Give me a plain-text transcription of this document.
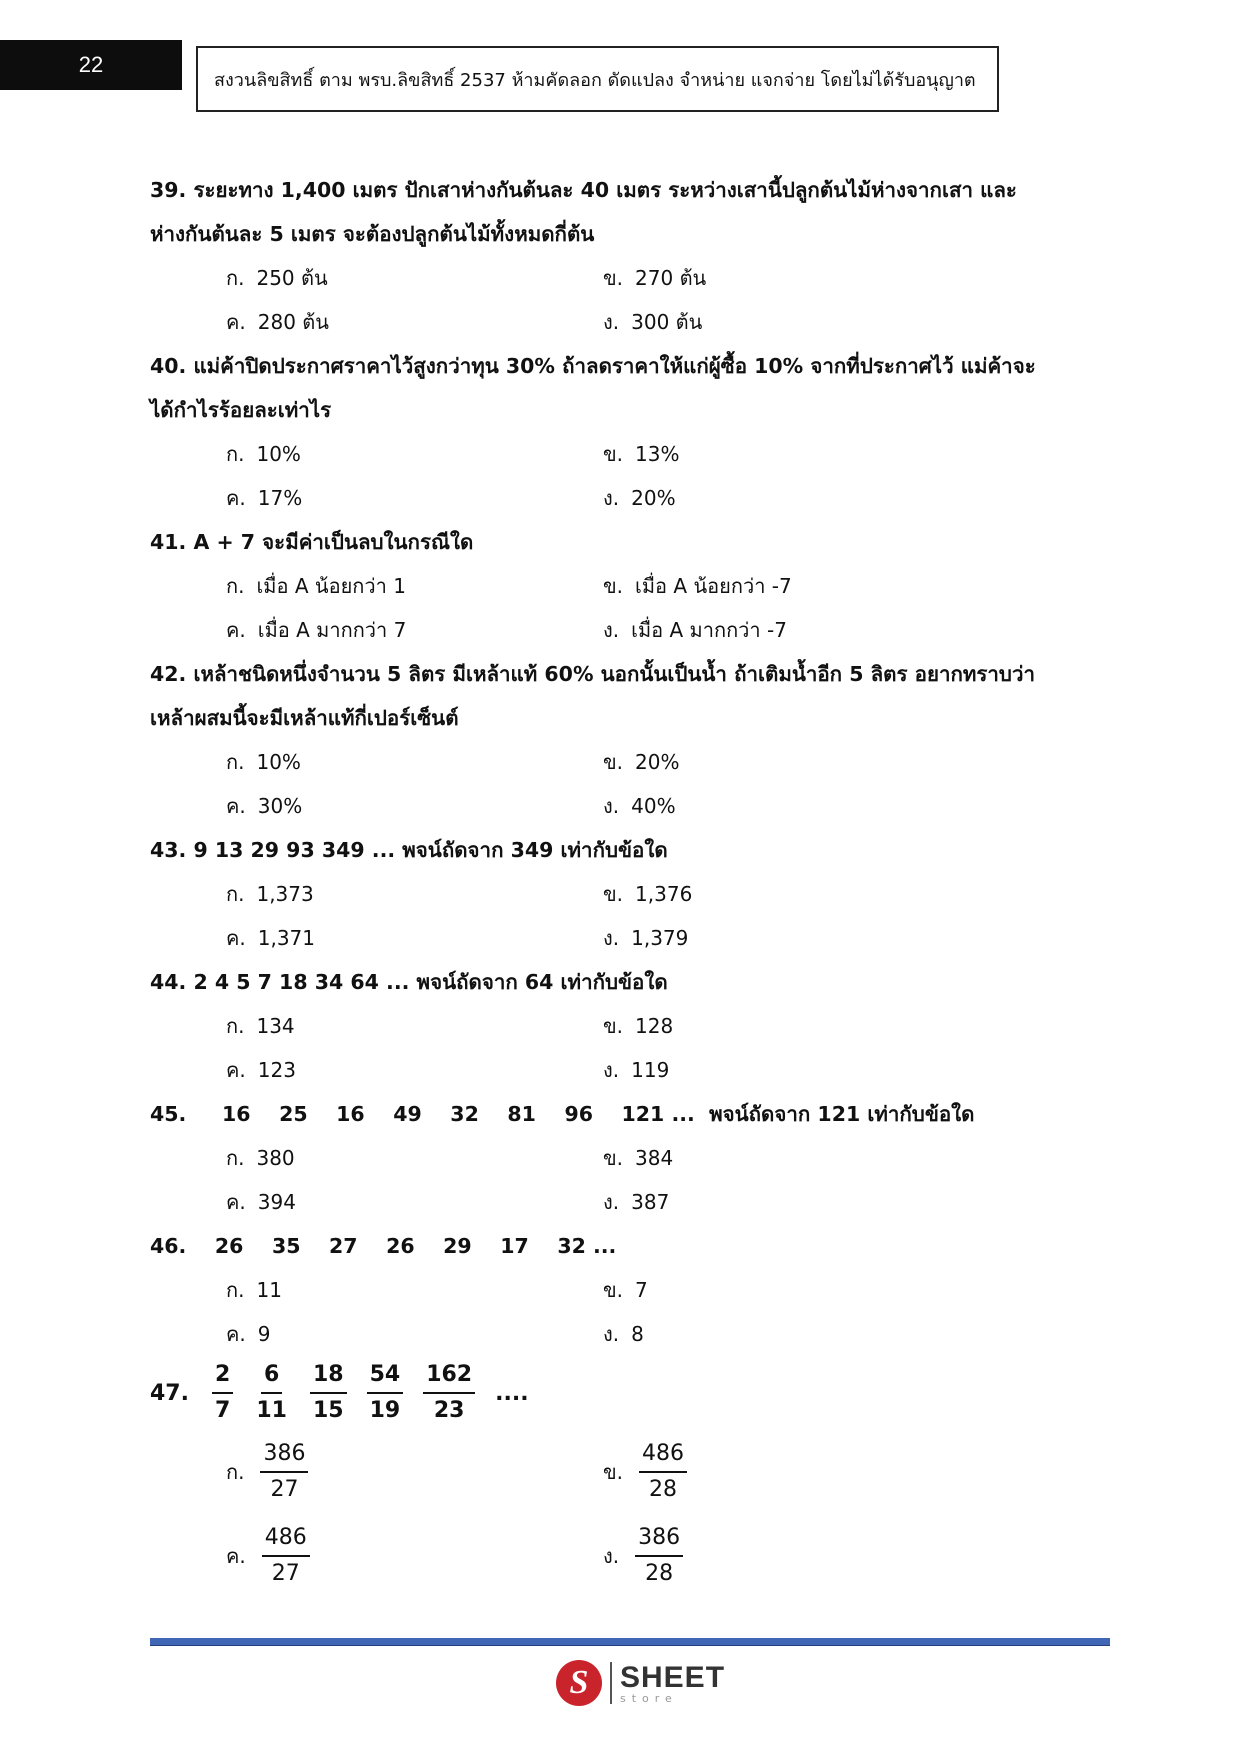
22
สงวนลิขสิทธิ์ ตาม พรบ.ลิขสิทธิ์ 2537 ห้ามคัดลอก ดัดแปลง จำหน่าย แจกจ่าย โดยไม่ได้รับอนุญาต
39. ระยะทาง 1,400 เมตร ปักเสาห่างกันต้นละ 40 เมตร ระหว่างเสานี้ปลูกต้นไม้ห่างจากเสา และ
ห่างกันต้นละ 5 เมตร จะต้องปลูกต้นไม้ทั้งหมดกี่ต้น
ก. 250 ต้น	ข. 270 ต้น
ค. 280 ต้น	ง. 300 ต้น
40. แม่ค้าปิดประกาศราคาไว้สูงกว่าทุน 30% ถ้าลดราคาให้แก่ผู้ซื้อ 10% จากที่ประกาศไว้ แม่ค้าจะ
ได้กำไรร้อยละเท่าไร
ก. 10%	ข. 13%
ค. 17%	ง. 20%
41. A + 7 จะมีค่าเป็นลบในกรณีใด
ก. เมื่อ A น้อยกว่า 1	ข. เมื่อ A น้อยกว่า -7
ค. เมื่อ A มากกว่า 7	ง. เมื่อ A มากกว่า -7
42. เหล้าชนิดหนึ่งจำนวน 5 ลิตร มีเหล้าแท้ 60% นอกนั้นเป็นน้ำ ถ้าเติมน้ำอีก 5 ลิตร อยากทราบว่า
เหล้าผสมนี้จะมีเหล้าแท้กี่เปอร์เซ็นต์
ก. 10%	ข. 20%
ค. 30%	ง. 40%
43. 9 13 29 93 349 ... พจน์ถัดจาก 349 เท่ากับข้อใด
ก. 1,373	ข. 1,376
ค. 1,371	ง. 1,379
44. 2 4 5 7 18 34 64 ... พจน์ถัดจาก 64 เท่ากับข้อใด
ก. 134	ข. 128
ค. 123	ง. 119
45.     16    25    16    49    32    81    96    121 ...  พจน์ถัดจาก 121 เท่ากับข้อใด
ก. 380	ข. 384
ค. 394	ง. 387
46.    26    35    27    26    29    17    32 ...
ก. 11	ข. 7
ค. 9	ง. 8
47.	$\frac{2}{7} \frac{6}{11} \frac{18}{15} \frac{54}{19} \frac{162}{23}$ ....
ก. $\frac{386}{27}$	ข. $\frac{486}{28}$
ค. $\frac{486}{27}$	ง. $\frac{386}{28}$
S	SHEET
store
